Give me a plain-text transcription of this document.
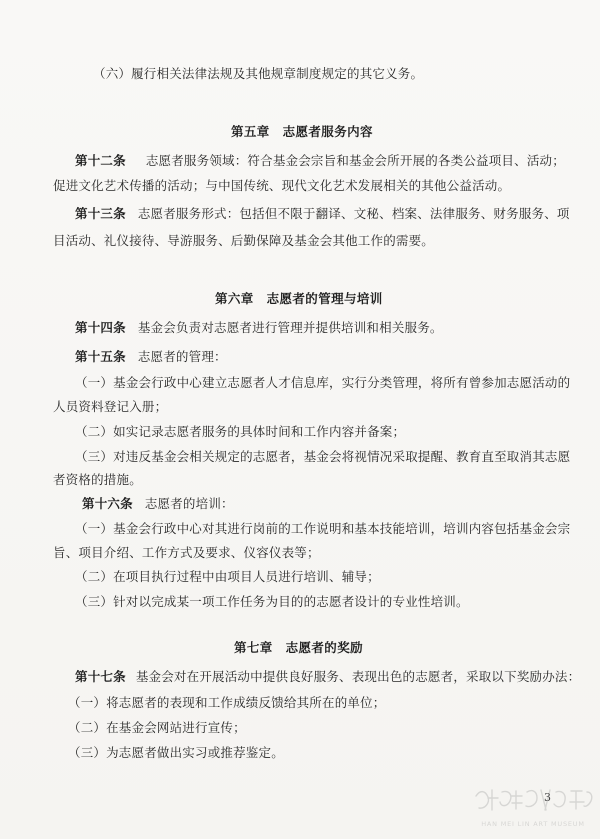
（六）履行相关法律法规及其他规章制度规定的其它义务。

第五章　志愿者服务内容

第十二条 志愿者服务领域：符合基金会宗旨和基金会所开展的各类公益项目、活动；

促进文化艺术传播的活动；与中国传统、现代文化艺术发展相关的其他公益活动。

第十三条 志愿者服务形式：包括但不限于翻译、文秘、档案、法律服务、财务服务、项

目活动、礼仪接待、导游服务、后勤保障及基金会其他工作的需要。

第六章　志愿者的管理与培训

第十四条 基金会负责对志愿者进行管理并提供培训和相关服务。

第十五条 志愿者的管理：

（一）基金会行政中心建立志愿者人才信息库，实行分类管理，将所有曾参加志愿活动的

人员资料登记入册；

（二）如实记录志愿者服务的具体时间和工作内容并备案；

（三）对违反基金会相关规定的志愿者，基金会将视情况采取提醒、教育直至取消其志愿

者资格的措施。

第十六条 志愿者的培训：

（一）基金会行政中心对其进行岗前的工作说明和基本技能培训，培训内容包括基金会宗

旨、项目介绍、工作方式及要求、仪容仪表等；

（二）在项目执行过程中由项目人员进行培训、辅导；

（三）针对以完成某一项工作任务为目的的志愿者设计的专业性培训。

第七章　志愿者的奖励

第十七条 基金会对在开展活动中提供良好服务、表现出色的志愿者，采取以下奖励办法：

（一）将志愿者的表现和工作成绩反馈给其所在的单位；

（二）在基金会网站进行宣传；

（三）为志愿者做出实习或推荐鉴定。

3
HAN MEI LIN ART MUSEUM
